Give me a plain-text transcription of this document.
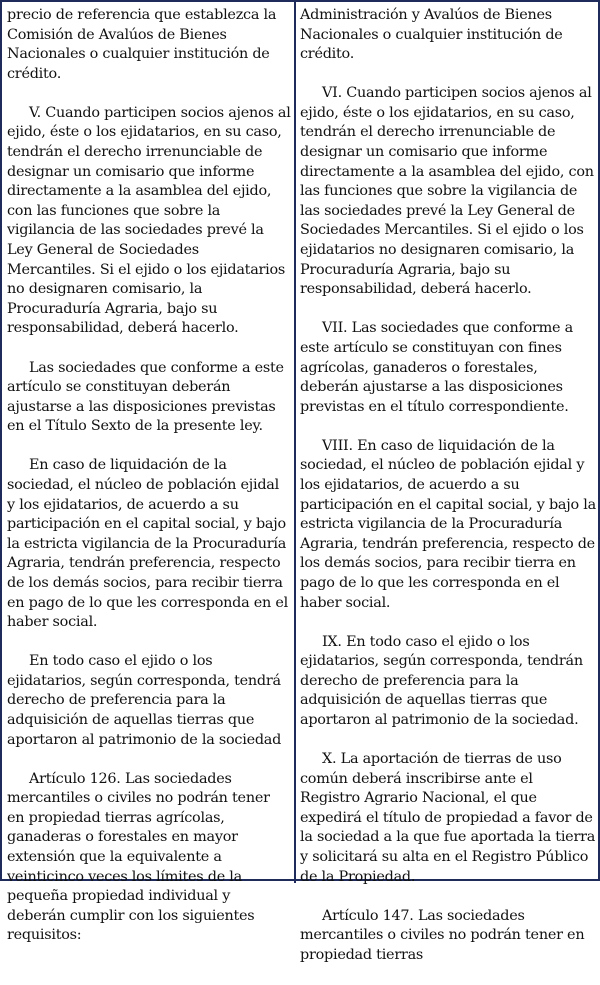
precio de referencia que establezca la Comisión de Avalúos de Bienes Nacionales o cualquier institución de crédito.

V. Cuando participen socios ajenos al ejido, éste o los ejidatarios, en su caso, tendrán el derecho irrenunciable de designar un comisario que informe directamente a la asamblea del ejido, con las funciones que sobre la vigilancia de las sociedades prevé la Ley General de Sociedades Mercantiles. Si el ejido o los ejidatarios no designaren comisario, la Procuraduría Agraria, bajo su responsabilidad, deberá hacerlo.

Las sociedades que conforme a este artículo se constituyan deberán ajustarse a las disposiciones previstas en el Título Sexto de la presente ley.

En caso de liquidación de la sociedad, el núcleo de población ejidal y los ejidatarios, de acuerdo a su participación en el capital social, y bajo la estricta vigilancia de la Procuraduría Agraria, tendrán preferencia, respecto de los demás socios, para recibir tierra en pago de lo que les corresponda en el haber social.

En todo caso el ejido o los ejidatarios, según corresponda, tendrá derecho de preferencia para la adquisición de aquellas tierras que aportaron al patrimonio de la sociedad

Artículo 126. Las sociedades mercantiles o civiles no podrán tener en propiedad tierras agrícolas, ganaderas o forestales en mayor extensión que la equivalente a veinticinco veces los límites de la pequeña propiedad individual y deberán cumplir con los siguientes requisitos:

Administración y Avalúos de Bienes Nacionales o cualquier institución de crédito.

VI. Cuando participen socios ajenos al ejido, éste o los ejidatarios, en su caso, tendrán el derecho irrenunciable de designar un comisario que informe directamente a la asamblea del ejido, con las funciones que sobre la vigilancia de las sociedades prevé la Ley General de Sociedades Mercantiles. Si el ejido o los ejidatarios no designaren comisario, la Procuraduría Agraria, bajo su responsabilidad, deberá hacerlo.

VII. Las sociedades que conforme a este artículo se constituyan con fines agrícolas, ganaderos o forestales, deberán ajustarse a las disposiciones previstas en el título correspondiente.

VIII. En caso de liquidación de la sociedad, el núcleo de población ejidal y los ejidatarios, de acuerdo a su participación en el capital social, y bajo la estricta vigilancia de la Procuraduría Agraria, tendrán preferencia, respecto de los demás socios, para recibir tierra en pago de lo que les corresponda en el haber social.

IX. En todo caso el ejido o los ejidatarios, según corresponda, tendrán derecho de preferencia para la adquisición de aquellas tierras que aportaron al patrimonio de la sociedad.

X. La aportación de tierras de uso común deberá inscribirse ante el Registro Agrario Nacional, el que expedirá el título de propiedad a favor de la sociedad a la que fue aportada la tierra y solicitará su alta en el Registro Público de la Propiedad.

Artículo 147. Las sociedades mercantiles o civiles no podrán tener en propiedad tierras
